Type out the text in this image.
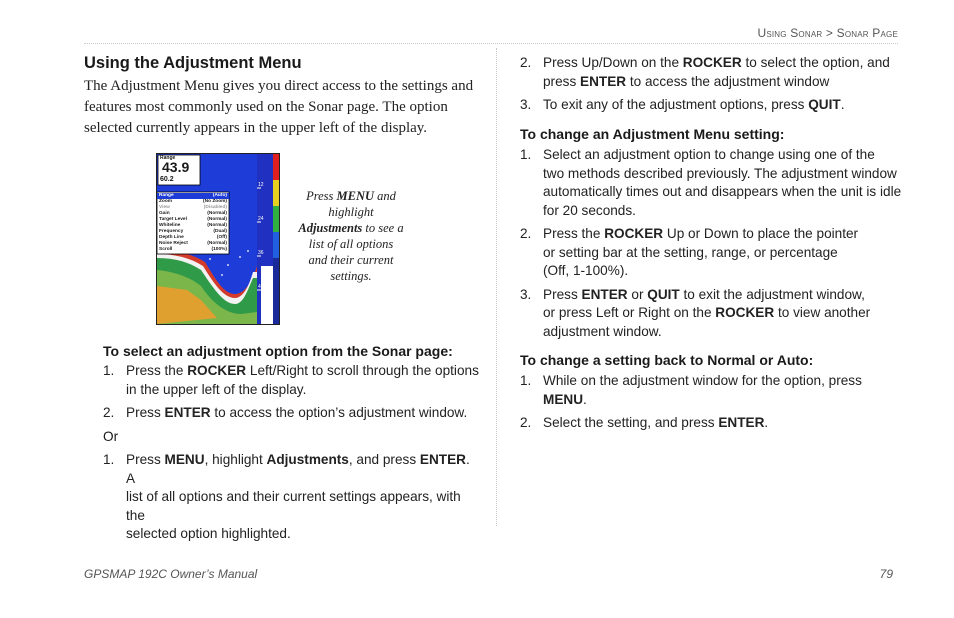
Using Sonar > Sonar Page
Using the Adjustment Menu

The Adjustment Menu gives you direct access to the settings and
features most commonly used on the Sonar page. The option
selected currently appears in the upper left of the display.

Range
43.9
60.2
12
24
36
48
Range	(Auto)
Zoom	(No Zoom)
View	(Disabled)
Gain	(Normal)
Target Level	(Normal)
Whiteline	(Normal)
Frequency	(Dual)
Depth Line	(Off)
Noise Reject	(Normal)
Scroll	(100%)
Press MENU and highlight Adjustments to see a list of all options and their current settings.
To select an adjustment option from the Sonar page:
1. Press the ROCKER Left/Right to scroll through the options
in the upper left of the display.
2. Press ENTER to access the option’s adjustment window.
Or
1. Press MENU, highlight Adjustments, and press ENTER. A
list of all options and their current settings appears, with the
selected option highlighted.
2. Press Up/Down on the ROCKER to select the option, and
press ENTER to access the adjustment window
3. To exit any of the adjustment options, press QUIT.
To change an Adjustment Menu setting:
1. Select an adjustment option to change using one of the
two methods described previously. The adjustment window
automatically times out and disappears when the unit is idle
for 20 seconds.
2. Press the ROCKER Up or Down to place the pointer
or setting bar at the setting, range, or percentage
(Off, 1-100%).
3. Press ENTER or QUIT to exit the adjustment window,
or press Left or Right on the ROCKER to view another
adjustment window.
To change a setting back to Normal or Auto:
1. While on the adjustment window for the option, press
MENU.
2. Select the setting, and press ENTER.
GPSMAP 192C Owner’s Manual	79
